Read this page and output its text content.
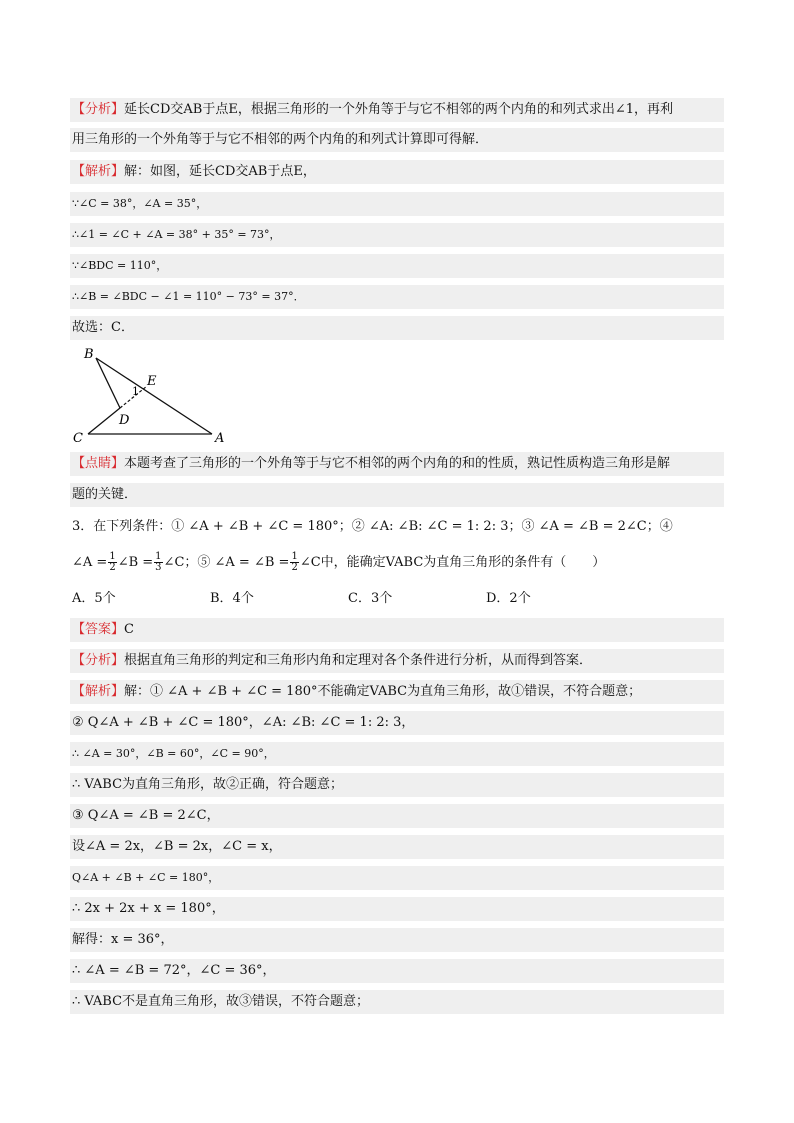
【分析】延长CD交AB于点E，根据三角形的一个外角等于与它不相邻的两个内角的和列式求出∠1，再利
用三角形的一个外角等于与它不相邻的两个内角的和列式计算即可得解．
【解析】解：如图，延长CD交AB于点E，
∵∠C = 38°，∠A = 35°，
∴∠1 = ∠C + ∠A = 38° + 35° = 73°，
∵∠BDC = 110°，
∴∠B = ∠BDC − ∠1 = 110° − 73° = 37°．
故选：C．
【点睛】本题考查了三角形的一个外角等于与它不相邻的两个内角的和的性质，熟记性质构造三角形是解
题的关键．
3．在下列条件：① ∠A + ∠B + ∠C = 180°；② ∠A: ∠B: ∠C = 1: 2: 3；③ ∠A = ∠B = 2∠C；④
∠A = $\frac{1}{2}$ ∠B = $\frac{1}{3}$ ∠C；⑤ ∠A = ∠B = $\frac{1}{2}$ ∠C中，能确定VABC为直角三角形的条件有（　　）
A．5个	B．4个	C．3个	D．2个
【答案】C
【分析】根据直角三角形的判定和三角形内角和定理对各个条件进行分析，从而得到答案．
【解析】解：① ∠A + ∠B + ∠C = 180°不能确定VABC为直角三角形，故①错误，不符合题意；
② Q∠A + ∠B + ∠C = 180°，∠A: ∠B: ∠C = 1: 2: 3，
∴ ∠A = 30°，∠B = 60°，∠C = 90°，
∴ VABC为直角三角形，故②正确，符合题意；
③ Q∠A = ∠B = 2∠C，
设∠A = 2x，∠B = 2x，∠C = x，
Q∠A + ∠B + ∠C = 180°，
∴ 2x + 2x + x = 180°，
解得：x = 36°，
∴ ∠A = ∠B = 72°，∠C = 36°，
∴ VABC不是直角三角形，故③错误，不符合题意；
B
E
1
D
C	A
